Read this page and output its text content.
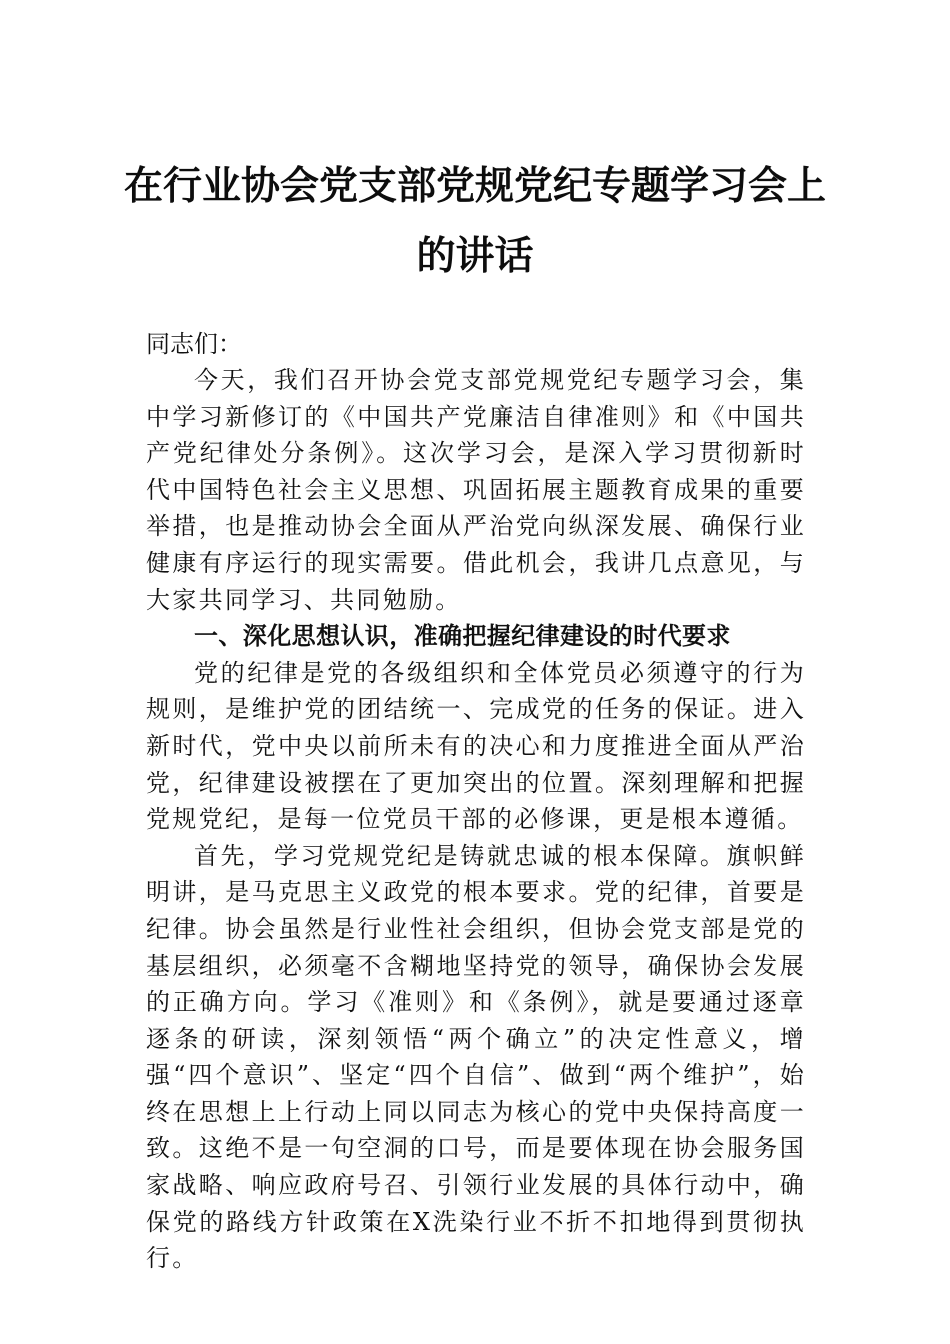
在行业协会党支部党规党纪专题学习会上
的讲话
同志们：

今天，我们召开协会党支部党规党纪专题学习会，集中学习新修订的《中国共产党廉洁自律准则》和《中国共产党纪律处分条例》。这次学习会，是深入学习贯彻新时代中国特色社会主义思想、巩固拓展主题教育成果的重要举措，也是推动协会全面从严治党向纵深发展、确保行业健康有序运行的现实需要。借此机会，我讲几点意见，与大家共同学习、共同勉励。

一、深化思想认识，准确把握纪律建设的时代要求

党的纪律是党的各级组织和全体党员必须遵守的行为规则，是维护党的团结统一、完成党的任务的保证。进入新时代，党中央以前所未有的决心和力度推进全面从严治党，纪律建设被摆在了更加突出的位置。深刻理解和把握党规党纪，是每一位党员干部的必修课，更是根本遵循。

首先，学习党规党纪是铸就忠诚的根本保障。旗帜鲜明讲，是马克思主义政党的根本要求。党的纪律，首要是纪律。协会虽然是行业性社会组织，但协会党支部是党的基层组织，必须毫不含糊地坚持党的领导，确保协会发展的正确方向。学习《准则》和《条例》，就是要通过逐章逐条的研读，深刻领悟“两个确立”的决定性意义，增强“四个意识”、坚定“四个自信”、做到“两个维护”，始终在思想上上行动上同以同志为核心的党中央保持高度一致。这绝不是一句空洞的口号，而是要体现在协会服务国家战略、响应政府号召、引领行业发展的具体行动中，确保党的路线方针政策在X洗染行业不折不扣地得到贯彻执行。
